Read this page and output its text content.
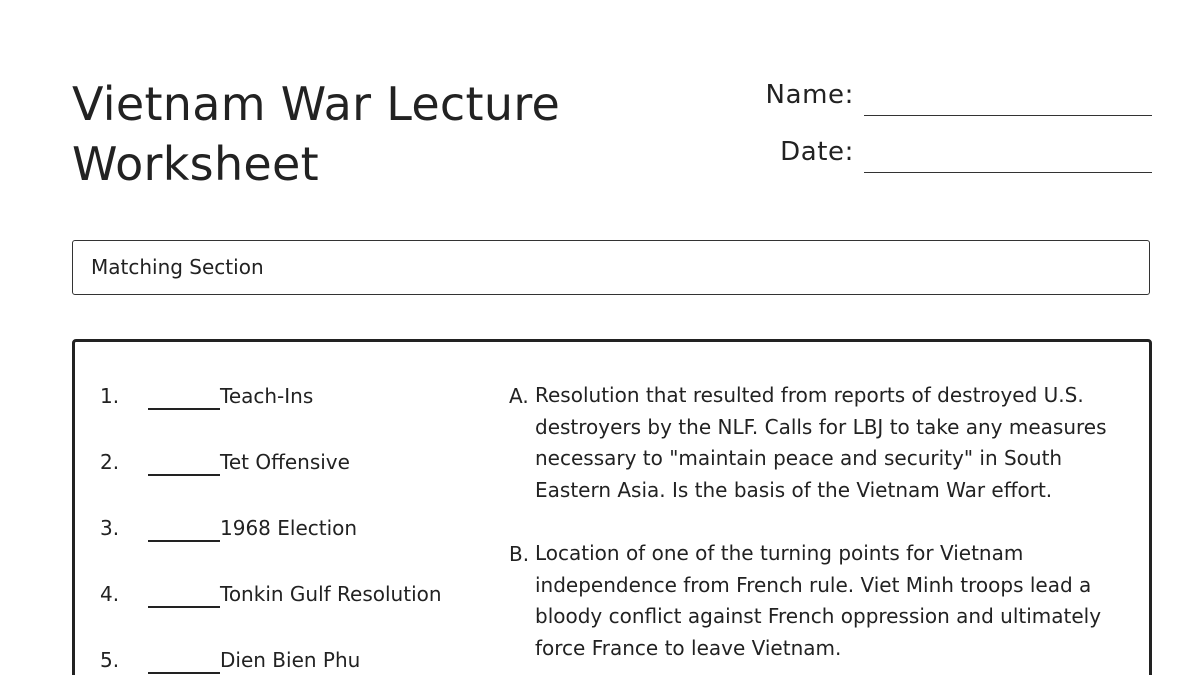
Vietnam War Lecture
Worksheet
Name:
Date:
Matching Section
1.	Teach-Ins
2.	Tet Offensive
3.	1968 Election
4.	Tonkin Gulf Resolution
5.	Dien Bien Phu
A. Resolution that resulted from reports of destroyed U.S. destroyers by the NLF. Calls for LBJ to take any measures necessary to "maintain peace and security" in South Eastern Asia. Is the basis of the Vietnam War effort.
B. Location of one of the turning points for Vietnam independence from French rule. Viet Minh troops lead a bloody conflict against French oppression and ultimately force France to leave Vietnam.
